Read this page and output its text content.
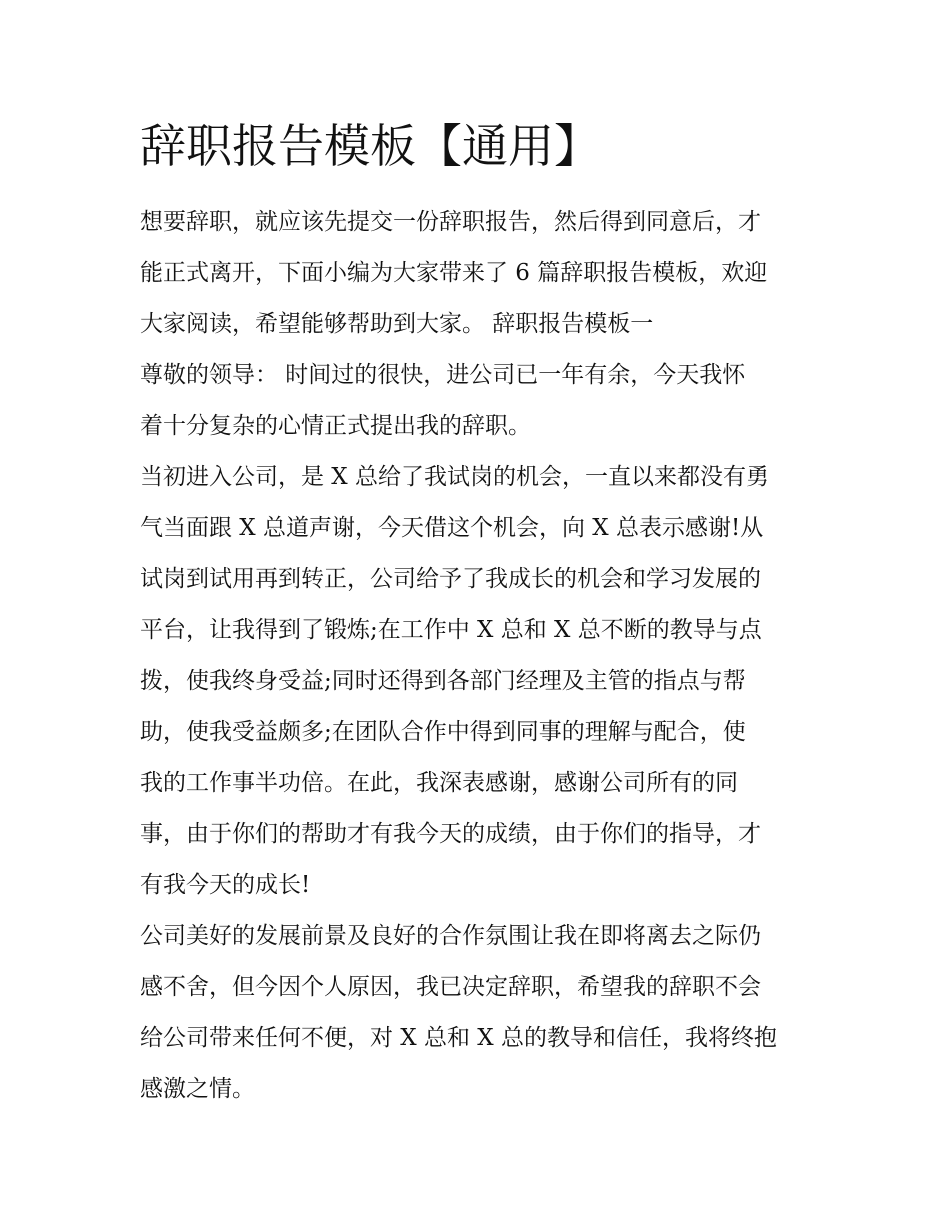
辞职报告模板【通用】
想要辞职，就应该先提交一份辞职报告，然后得到同意后，才
能正式离开，下面小编为大家带来了 6 篇辞职报告模板，欢迎
大家阅读，希望能够帮助到大家。 辞职报告模板一
尊敬的领导： 时间过的很快，进公司已一年有余，今天我怀
着十分复杂的心情正式提出我的辞职。
当初进入公司，是 X 总给了我试岗的机会，一直以来都没有勇
气当面跟 X 总道声谢，今天借这个机会，向 X 总表示感谢!从
试岗到试用再到转正，公司给予了我成长的机会和学习发展的
平台，让我得到了锻炼;在工作中 X 总和 X 总不断的教导与点
拨，使我终身受益;同时还得到各部门经理及主管的指点与帮
助，使我受益颇多;在团队合作中得到同事的理解与配合，使
我的工作事半功倍。在此，我深表感谢，感谢公司所有的同
事，由于你们的帮助才有我今天的成绩，由于你们的指导，才
有我今天的成长!
公司美好的发展前景及良好的合作氛围让我在即将离去之际仍
感不舍，但今因个人原因，我已决定辞职，希望我的辞职不会
给公司带来任何不便，对 X 总和 X 总的教导和信任，我将终抱
感激之情。
